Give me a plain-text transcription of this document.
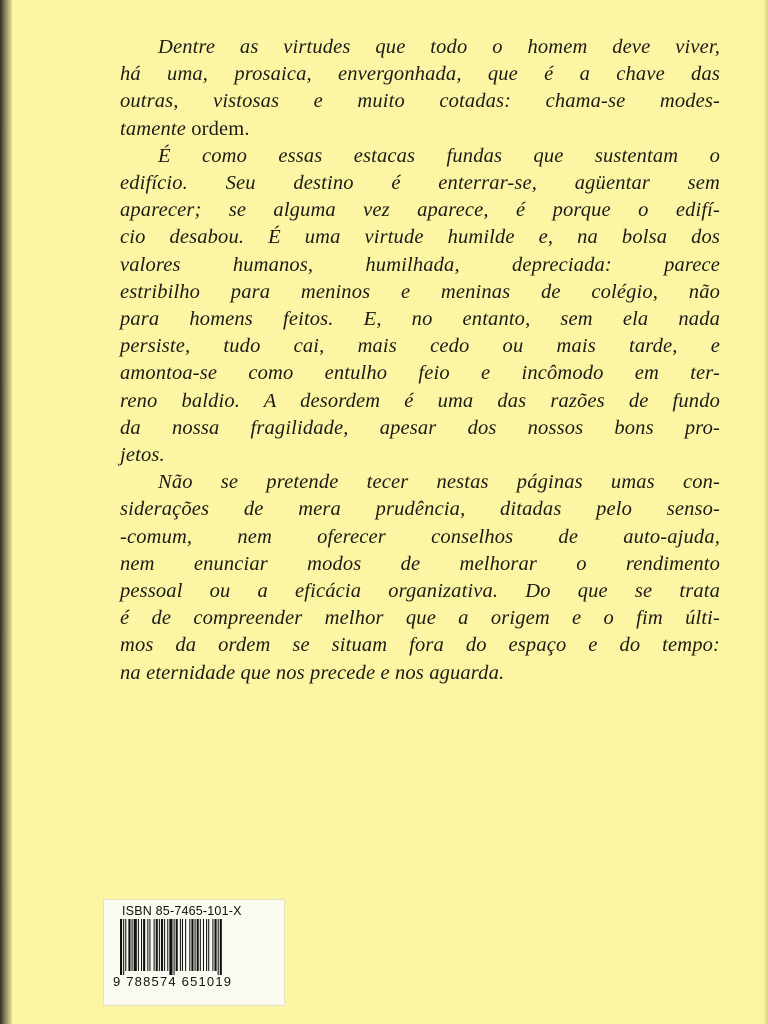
Dentre as virtudes que todo o homem deve viver,
há uma, prosaica, envergonhada, que é a chave das
outras, vistosas e muito cotadas: chama-se modes-
tamente ordem.
É como essas estacas fundas que sustentam o
edifício. Seu destino é enterrar-se, agüentar sem
aparecer; se alguma vez aparece, é porque o edifí-
cio desabou. É uma virtude humilde e, na bolsa dos
valores humanos, humilhada, depreciada: parece
estribilho para meninos e meninas de colégio, não
para homens feitos. E, no entanto, sem ela nada
persiste, tudo cai, mais cedo ou mais tarde, e
amontoa-se como entulho feio e incômodo em ter-
reno baldio. A desordem é uma das razões de fundo
da nossa fragilidade, apesar dos nossos bons pro-
jetos.
Não se pretende tecer nestas páginas umas con-
siderações de mera prudência, ditadas pelo senso-
-comum, nem oferecer conselhos de auto-ajuda,
nem enunciar modos de melhorar o rendimento
pessoal ou a eficácia organizativa. Do que se trata
é de compreender melhor que a origem e o fim últi-
mos da ordem se situam fora do espaço e do tempo:
na eternidade que nos precede e nos aguarda.
ISBN 85-7465-101-X
9 788574 651019
